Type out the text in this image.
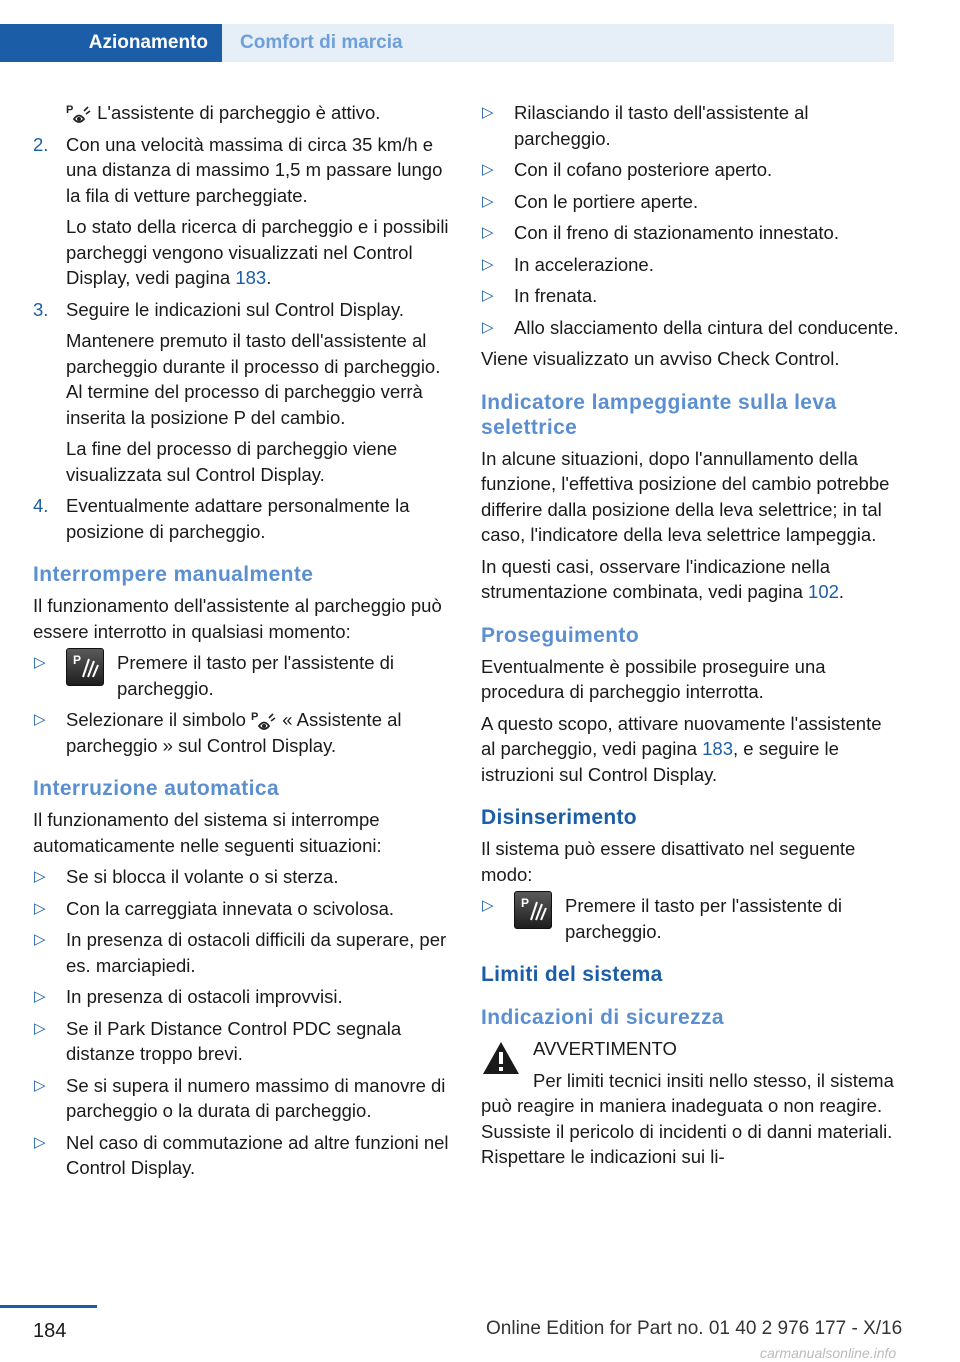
Azionamento	Comfort di marcia

P L'assistente di parcheggio è attivo.

2. Con una velocità massima di circa 35 km/h e una distanza di massimo 1,5 m passare lungo la fila di vetture parcheggiate.

Lo stato della ricerca di parcheggio e i possibili parcheggi vengono visualizzati nel Control Display, vedi pagina 183.

3. Seguire le indicazioni sul Control Display.

Mantenere premuto il tasto dell'assistente al parcheggio durante il processo di parcheggio. Al termine del processo di parcheggio verrà inserita la posizione P del cambio.

La fine del processo di parcheggio viene visualizzata sul Control Display.

4. Eventualmente adattare personalmente la posizione di parcheggio.
Interrompere manualmente

Il funzionamento dell'assistente al parcheggio può essere interrotto in qualsiasi momento:

▷ P Premere il tasto per l'assistente di parcheggio.
▷ Selezionare il simbolo P « Assistente al parcheggio » sul Control Display.
Interruzione automatica

Il funzionamento del sistema si interrompe automaticamente nelle seguenti situazioni:

▷ Se si blocca il volante o si sterza.
▷ Con la carreggiata innevata o scivolosa.
▷ In presenza di ostacoli difficili da superare, per es. marciapiedi.
▷ In presenza di ostacoli improvvisi.
▷ Se il Park Distance Control PDC segnala distanze troppo brevi.
▷ Se si supera il numero massimo di manovre di parcheggio o la durata di parcheggio.
▷ Nel caso di commutazione ad altre funzioni nel Control Display.
▷ Rilasciando il tasto dell'assistente al parcheggio.
▷ Con il cofano posteriore aperto.
▷ Con le portiere aperte.
▷ Con il freno di stazionamento innestato.
▷ In accelerazione.
▷ In frenata.
▷ Allo slacciamento della cintura del conducente.

Viene visualizzato un avviso Check Control.

Indicatore lampeggiante sulla leva selettrice

In alcune situazioni, dopo l'annullamento della funzione, l'effettiva posizione del cambio potrebbe differire dalla posizione della leva selettrice; in tal caso, l'indicatore della leva selettrice lampeggia.

In questi casi, osservare l'indicazione nella strumentazione combinata, vedi pagina 102.

Proseguimento

Eventualmente è possibile proseguire una procedura di parcheggio interrotta.

A questo scopo, attivare nuovamente l'assistente al parcheggio, vedi pagina 183, e seguire le istruzioni sul Control Display.

Disinserimento

Il sistema può essere disattivato nel seguente modo:

▷ P Premere il tasto per l'assistente di parcheggio.
Limiti del sistema
Indicazioni di sicurezza

AVVERTIMENTO

Per limiti tecnici insiti nello stesso, il sistema può reagire in maniera inadeguata o non reagire. Sussiste il pericolo di incidenti o di danni materiali. Rispettare le indicazioni sui li-

184	Online Edition for Part no. 01 40 2 976 177 - X/16
carmanualsonline.info
